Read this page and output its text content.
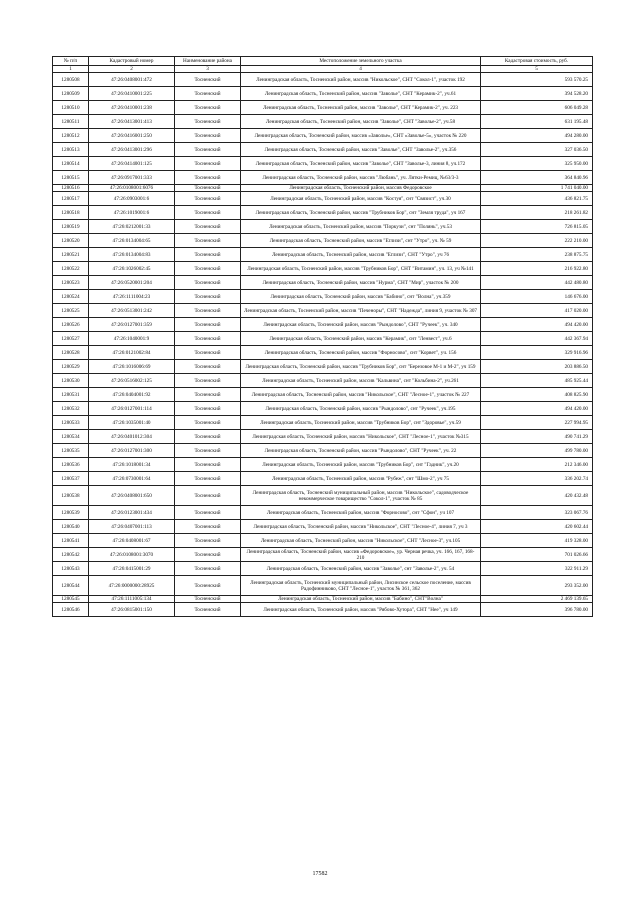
№ п/п	Кадастровый номер	Наименование района	Местоположение земельного участка	Кадастровая стоимость, руб.
1	2	3	4	5
1280508	47:26:0408001:472	Тосненский	Ленинградская область, Тосненский район, массив "Никольское", СНТ "Сокол-1", участок 192	593 570.25
1280509	47:26:0410001:225	Тосненский	Ленинградская область, Тосненский район, массив "Заволье", СНТ "Керамик-2", уч.61	394 528.20
1280510	47:26:0410001:238	Тосненский	Ленинградская область, Тосненский район, массив "Заволье", СНТ "Керамик-2", уч. 223	606 049.28
1280511	47:26:0413001:413	Тосненский	Ленинградская область, Тосненский район, массив "Заволье", СНТ "Заволье-2", уч.58	631 195.48
1280512	47:26:0416001:250	Тосненский	Ленинградская область, Тосненский район, массив «Заволье», СНТ «Заволье-5», участок № 220	494 280.00
1280513	47:26:0413001:296	Тосненский	Ленинградская область, Тосненский район, массив "Заволье", СНТ "Заволье-2", уч.356	327 036.50
1280514	47:26:0414001:125	Тосненский	Ленинградская область, Тосненский район, массив "Заволье", СНТ "Заволье-3, линия 8, уч.172	325 950.00
1280515	47:26:0917001:333	Тосненский	Ленинградская область, Тосненский район, массив "Любань", уч. Лятки-Ремиц, №63/3-3	364 840.96
1280516	47:26:0108001:6076	Тосненский	Ленинградская область, Тосненский район, массив Федоровское	1 741 040.00
1280517	47:26:0903001:6	Тосненский	Ленинградская область, Тосненский район, массив "Костуя", снт "Связист", уч.30	436 821.75
1280518	47:26:1019001:6	Тосненский	Ленинградская область, Тосненский район, массив "Трубников Бор", снт "Земля труда", уч 167	218 261.82
1280519	47:26:0212001:33	Тосненский	Ленинградская область, Тосненский район, массив "Поркузи", снт "Полянь", уч.53	726 815.05
1280520	47:26:0134004:65	Тосненский	Ленинградская область, Тосненский район, массив "Еглизи", снт "Утро", уч. № 59	222 210.00
1280521	47:26:0134004:83	Тосненский	Ленинградская область, Тосненский район, массив "Еглизи", СНТ "Утро", уч 76	238 875.75
1280522	47:26:1026002:45	Тосненский	Ленинградская область, Тосненский район, массив "Трубников Бор", СНТ "Витамин", уч. 13, уч №141	216 922.80
1280523	47:26:0520001:204	Тосненский	Ленинградская область, Тосненский район, массив "Нурма", СНТ "Мир", участок № 200	442 480.80
1280524	47:26:1111004:23	Тосненский	Ленинградская область, Тосненский район, массив "Бабино", снт "Волна", уч.359	146 676.00
1280525	47:26:0513001:242	Тосненский	Ленинградская область, Тосненский район, массив "Печеноры", СНТ "Надежда", линия 9, участок № 307	417 020.00
1280526	47:26:0127001:359	Тосненский	Ленинградская область, Тосненский район, массив "Рындолово", СНТ "Ручеек", уч. 340	494 420.00
1280527	47:26:1040001:9	Тосненский	Ленинградская область, Тосненский район, массив "Керамик", снт "Ленвест", уч.6	442 367.94
1280528	47:26:0121002:84	Тосненский	Ленинградская область, Тосненский район, массив "Форносово", снт "Корвет", уч. 156	329 916.96
1280529	47:26:1016006:69	Тосненский	Ленинградская область, Тосненский район, массив "Трубников Бор", снт "Березовое М-1 и М-2", уч 159	203 886.50
1280530	47:26:0516002:125	Тосненский	Ленинградская область, Тосненский район, массив "Кальвина", снт "Кольбина-2", уч.261	485 925.44
1280531	47:26:0404001:92	Тосненский	Ленинградская область, Тосненский район, массив "Никольское", СНТ "Лесное-1", участок № 227	408 825.90
1280532	47:26:0127001:114	Тосненский	Ленинградская область, Тосненский район, массив "Рындолово", снт "Ручеек", уч.195	494 420.00
1280533	47:26:1035001:40	Тосненский	Ленинградская область, Тосненский район, массив "Трубников Бор", снт "Здоровье", уч.59	227 994.95
1280534	47:26:0401012:304	Тосненский	Ленинградская область, Тосненский район, массив "Никольское", СНТ "Лесное-1", участок №315	490 741.29
1280535	47:26:0127001:300	Тосненский	Ленинградская область, Тосненский район, массив "Рындолово", СНТ "Ручеек", уч. 22	499 780.00
1280536	47:26:1018001:34	Тосненский	Ленинградская область, Тосненский район, массив "Трубников Бор", снт "Гадник", уч.20	212 346.00
1280537	47:26:0730001:64	Тосненский	Ленинградская область, Тосненский район, массив "Рубеж", снт "Шмо-2", уч 75	336 202.74
1280538	47:26:0408001:650	Тосненский	Ленинградская область, Тосненский муниципальный район, массив "Никольское", садоводческое некоммерческое товарищество "Сокол-1", участок № 85	420 432.48
1280539	47:26:0123001:434	Тосненский	Ленинградская область, Тосненский район, массив "Форносово", снт "Сфон", уч 107	323 067.76
1280540	47:26:0407001:113	Тосненский	Ленинградская область, Тосненский район, массив "Никольское", СНТ "Лесное-4", линия 7, уч 3	420 602.44
1280541	47:26:0408001:67	Тосненский	Ленинградская область, Тосненский район, массив "Никольское", СНТ "Лесное-3", уч.105	419 328.00
1280542	47:26:0108001:3070	Тосненский	Ленинградская область, Тосненский район, массив «Федоровское», ур. Черная речка, уч. 166, 167, 168-210	701 026.66
1280543	47:26:0415001:29	Тосненский	Ленинградская область, Тосненский район, массив "Заволье", снт "Заволье-2", уч. 54	322 911.29
1280544	47:26:0000000:28925	Тосненский	Ленинградская область, Тосненский муниципальный район, Лисинское сельское поселение, массив Радофинниково, СНТ "Лесное-1", участок № 361, 362	293 352.00
1280545	47:26:1111005:134	Тосненский	Ленинградская область, Тосненский район, массив "Бабино", СНТ"Волна"	2 469 139.65
1280546	47:26:0815001:150	Тосненский	Ленинградская область, Тосненский район, массив "Рябово-Хутора", СНТ "Нее", уч 149	396 780.00
17582
